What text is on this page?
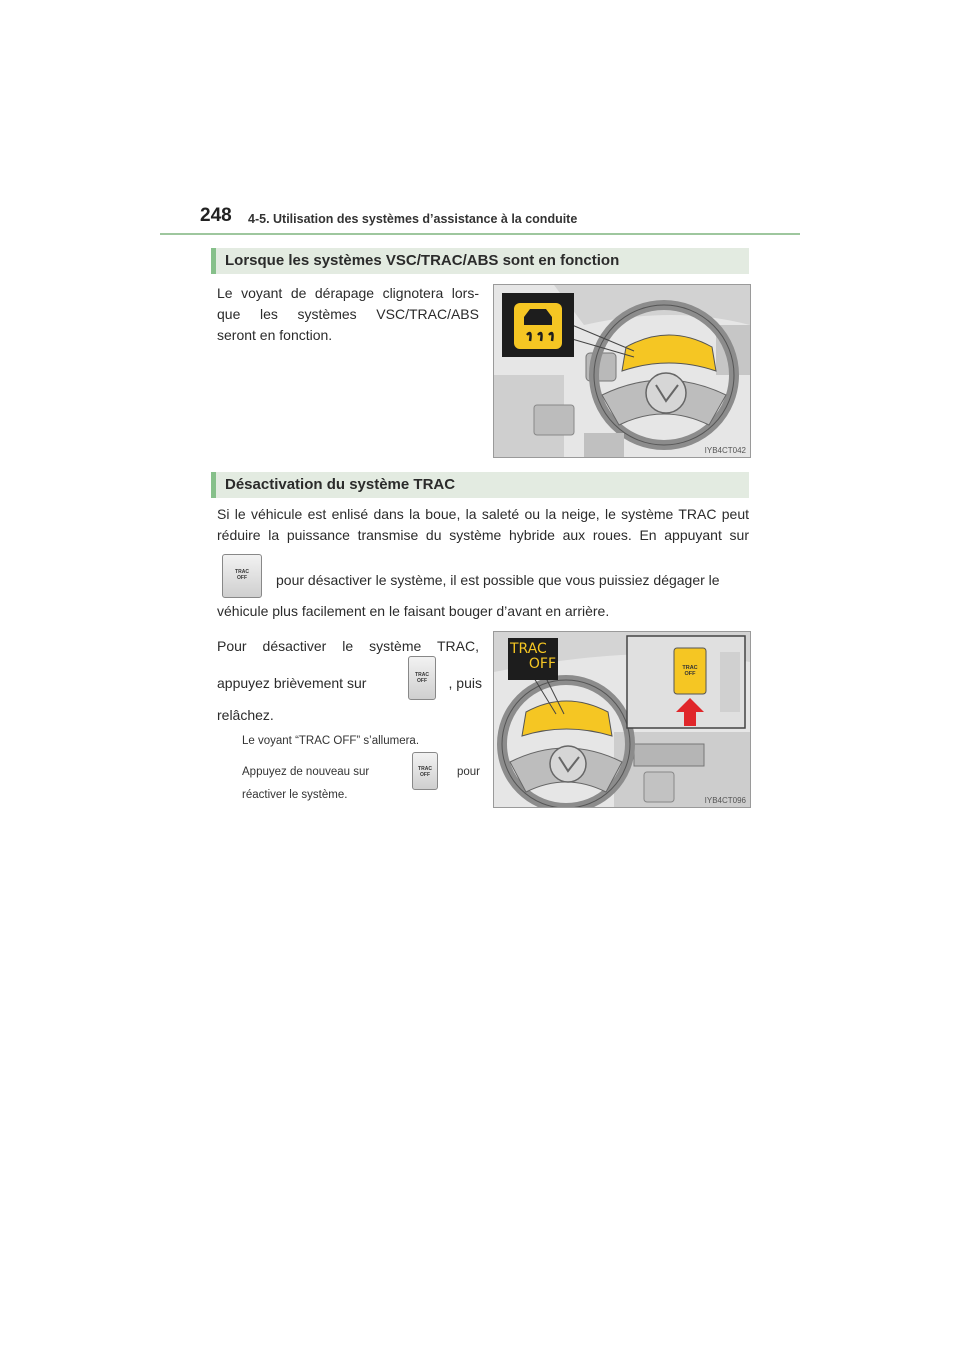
248 4-5. Utilisation des systèmes d’assistance à la conduite
Lorsque les systèmes VSC/TRAC/ABS sont en fonction
Le voyant de dérapage clignotera lors-
que les systèmes VSC/TRAC/ABS
seront en fonction.
IYB4CT042
Désactivation du système TRAC
Si le véhicule est enlisé dans la boue, la saleté ou la neige, le système TRAC peut
réduire la puissance transmise du système hybride aux roues. En appuyant sur
TRAC
OFF	pour désactiver le système, il est possible que vous puissiez dégager le
véhicule plus facilement en le faisant bouger d’avant en arrière.
Pour désactiver le système TRAC,
appuyez brièvement sur	TRAC
OFF	, puis
relâchez.
Le voyant “TRAC OFF” s’allumera.
Appuyez de nouveau sur	TRAC
OFF	pour
réactiver le système.
TRAC
OFF	TRAC
OFF
IYB4CT096
